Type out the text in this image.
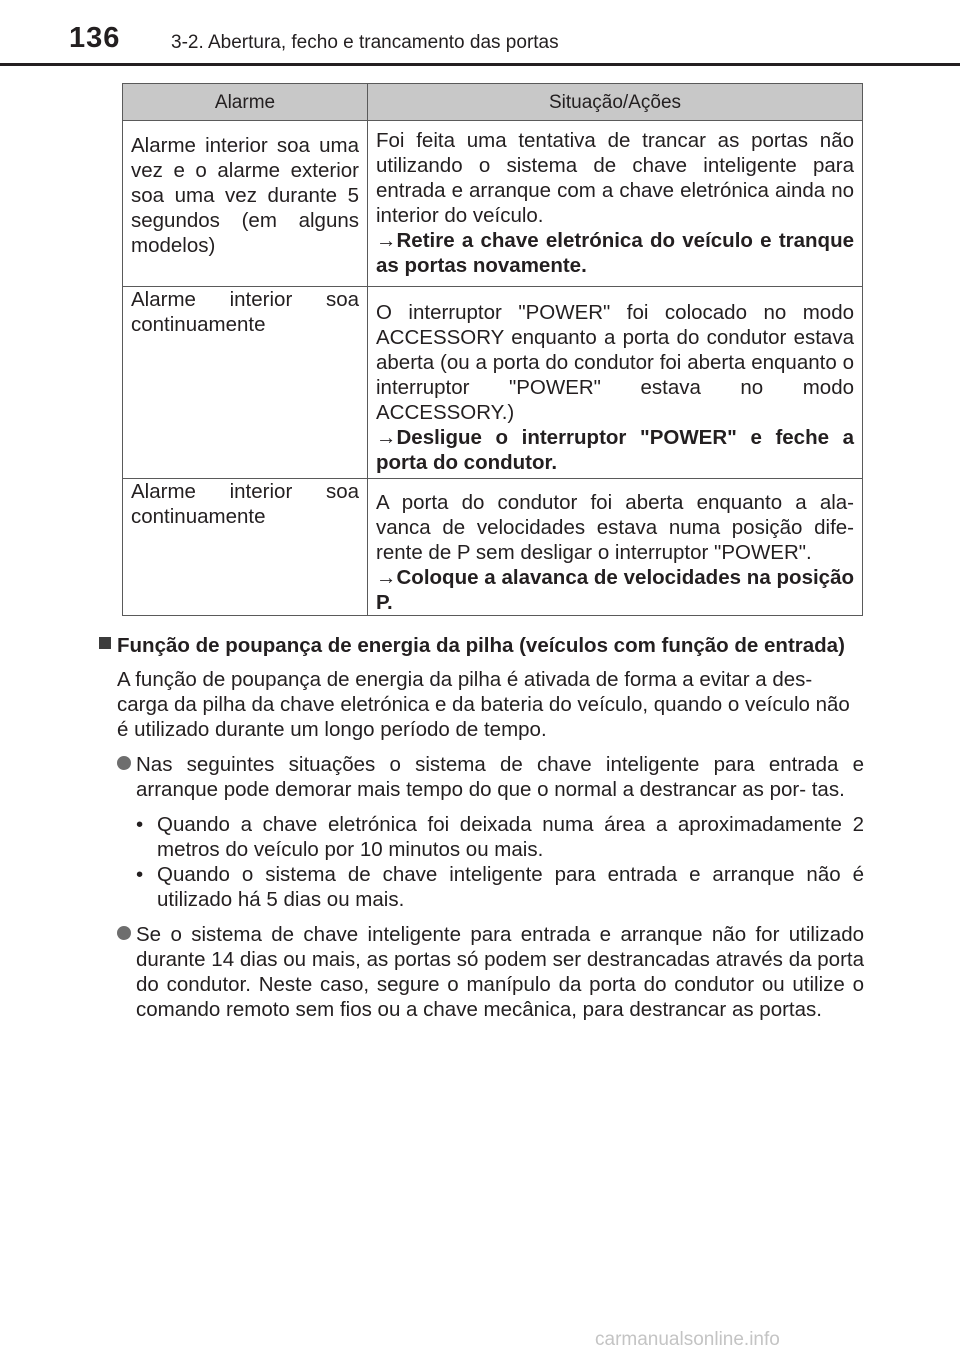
136	3-2. Abertura, fecho e trancamento das portas
Alarme	Situação/Ações

Alarme interior soa uma vez e o alarme exterior soa uma vez durante 5 segundos (em alguns modelos)	Foi feita uma tentativa de trancar as portas não utilizando o sistema de chave inteligente para entrada e arranque com a chave eletrónica ainda no interior do veículo.
→Retire a chave eletrónica do veículo e tranque as portas novamente.

Alarme interior soa continuamente	O interruptor "POWER" foi colocado no modo ACCESSORY enquanto a porta do condutor estava aberta (ou a porta do condutor foi aberta enquanto o interruptor "POWER" estava no modo ACCESSORY.)
→Desligue o interruptor "POWER" e feche a porta do condutor.

Alarme interior soa continuamente	A porta do condutor foi aberta enquanto a ala- vanca de velocidades estava numa posição dife- rente de P sem desligar o interruptor "POWER".
→Coloque a alavanca de velocidades na posição P.
Função de poupança de energia da pilha (veículos com função de entrada)
A função de poupança de energia da pilha é ativada de forma a evitar a des- carga da pilha da chave eletrónica e da bateria do veículo, quando o veículo não é utilizado durante um longo período de tempo.
Nas seguintes situações o sistema de chave inteligente para entrada e arranque pode demorar mais tempo do que o normal a destrancar as por- tas.
• Quando a chave eletrónica foi deixada numa área a aproximadamente 2 metros do veículo por 10 minutos ou mais.
• Quando o sistema de chave inteligente para entrada e arranque não é utilizado há 5 dias ou mais.
Se o sistema de chave inteligente para entrada e arranque não for utilizado durante 14 dias ou mais, as portas só podem ser destrancadas através da porta do condutor. Neste caso, segure o manípulo da porta do condutor ou utilize o comando remoto sem fios ou a chave mecânica, para destrancar as portas.
carmanualsonline.info
